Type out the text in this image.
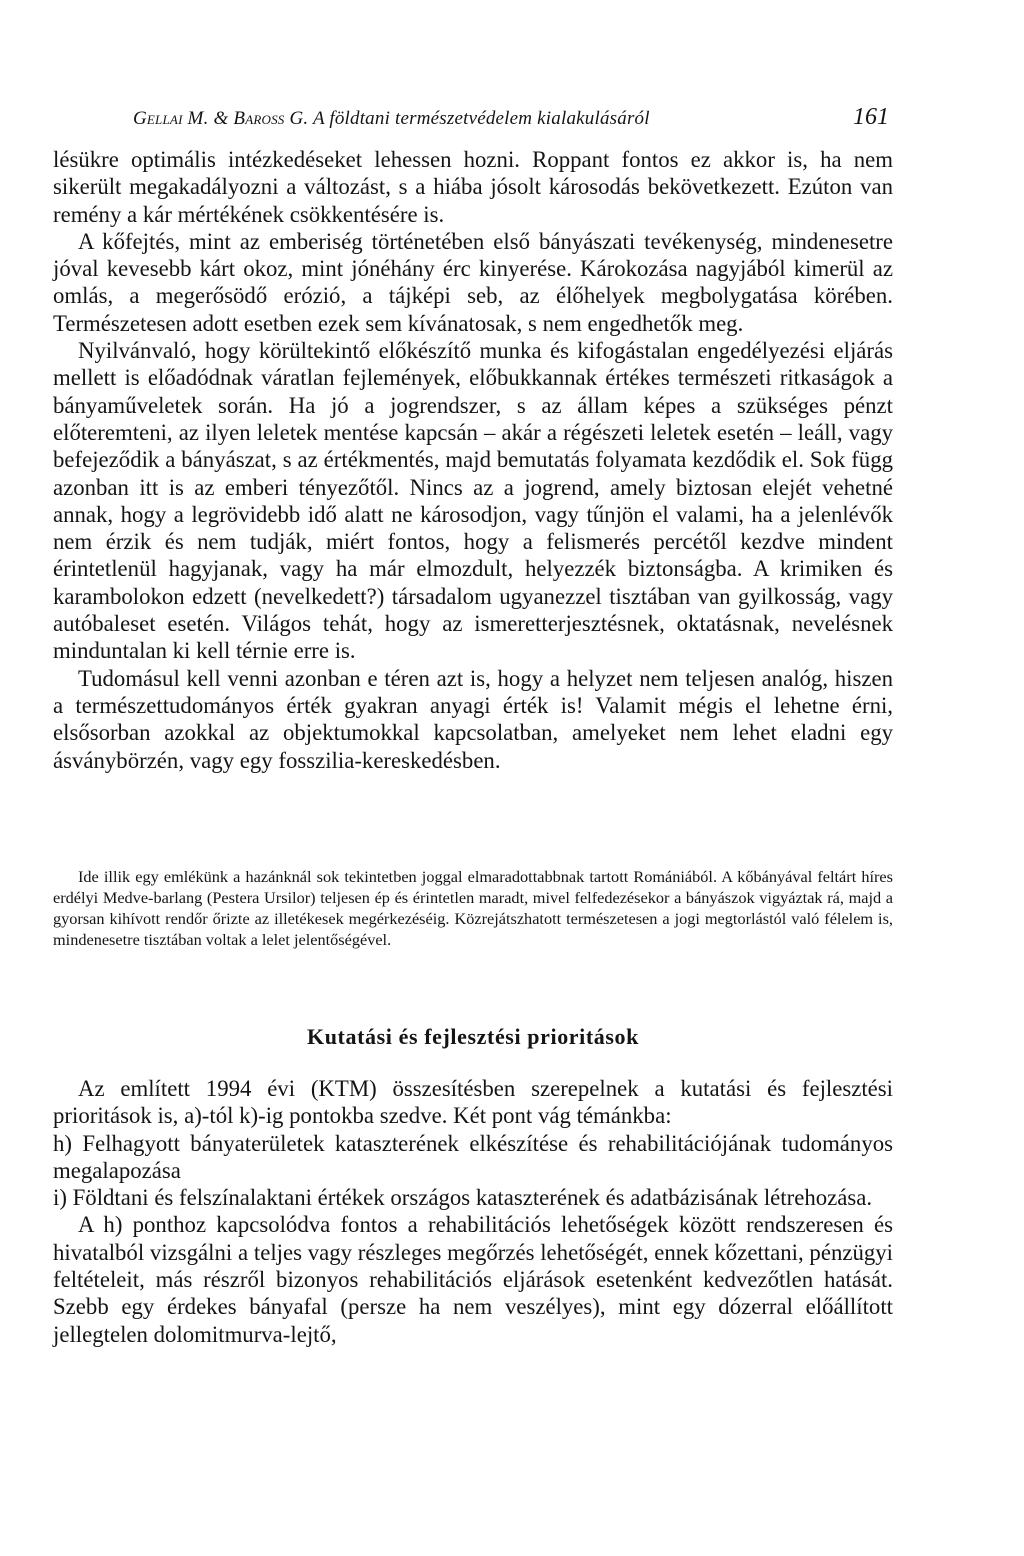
Gellai M. & Baross G. A földtani természetvédelem kialakulásáról	161

lésükre optimális intézkedéseket lehessen hozni. Roppant fontos ez akkor is, ha nem sikerült megakadályozni a változást, s a hiába jósolt károsodás bekövetkezett. Ezúton van remény a kár mértékének csökkentésére is.

A kőfejtés, mint az emberiség történetében első bányászati tevékenység, mindenesetre jóval kevesebb kárt okoz, mint jónéhány érc kinyerése. Károkozása nagyjából kimerül az omlás, a megerősödő erózió, a tájképi seb, az élőhelyek megbolygatása körében. Természetesen adott esetben ezek sem kívánatosak, s nem engedhetők meg.

Nyilvánvaló, hogy körültekintő előkészítő munka és kifogástalan engedélyezési eljárás mellett is előadódnak váratlan fejlemények, előbukkannak értékes természeti ritkaságok a bányaműveletek során. Ha jó a jogrendszer, s az állam képes a szükséges pénzt előteremteni, az ilyen leletek mentése kapcsán – akár a régészeti leletek esetén – leáll, vagy befejeződik a bányászat, s az értékmentés, majd bemutatás folyamata kezdődik el. Sok függ azonban itt is az emberi tényezőtől. Nincs az a jogrend, amely biztosan elejét vehetné annak, hogy a legrövidebb idő alatt ne károsodjon, vagy tűnjön el valami, ha a jelenlévők nem érzik és nem tudják, miért fontos, hogy a felismerés percétől kezdve mindent érintetlenül hagyjanak, vagy ha már elmozdult, helyezzék biztonságba. A krimiken és karambolokon edzett (nevelkedett?) társadalom ugyanezzel tisztában van gyilkosság, vagy autóbaleset esetén. Világos tehát, hogy az ismeretterjesztésnek, oktatásnak, nevelésnek minduntalan ki kell térnie erre is.

Tudomásul kell venni azonban e téren azt is, hogy a helyzet nem teljesen analóg, hiszen a természettudományos érték gyakran anyagi érték is! Valamit mégis el lehetne érni, elsősorban azokkal az objektumokkal kapcsolatban, amelyeket nem lehet eladni egy ásványbörzén, vagy egy fosszilia-kereskedésben.

Ide illik egy emlékünk a hazánknál sok tekintetben joggal elmaradottabbnak tartott Romániából. A kőbányával feltárt híres erdélyi Medve-barlang (Pestera Ursilor) teljesen ép és érintetlen maradt, mivel felfedezésekor a bányászok vigyáztak rá, majd a gyorsan kihívott rendőr őrizte az illetékesek megérkezéséig. Közrejátszhatott természetesen a jogi megtorlástól való félelem is, mindenesetre tisztában voltak a lelet jelentőségével.

Kutatási és fejlesztési prioritások

Az említett 1994 évi (KTM) összesítésben szerepelnek a kutatási és fejlesztési prioritások is, a)-tól k)-ig pontokba szedve. Két pont vág témánkba:

h) Felhagyott bányaterületek kataszterének elkészítése és rehabilitációjának tudományos megalapozása

i) Földtani és felszínalaktani értékek országos kataszterének és adatbázisának létrehozása.

A h) ponthoz kapcsolódva fontos a rehabilitációs lehetőségek között rendszeresen és hivatalból vizsgálni a teljes vagy részleges megőrzés lehetőségét, ennek kőzettani, pénzügyi feltételeit, más részről bizonyos rehabilitációs eljárások esetenként kedvezőtlen hatását. Szebb egy érdekes bányafal (persze ha nem veszélyes), mint egy dózerral előállított jellegtelen dolomitmurva-lejtő,
